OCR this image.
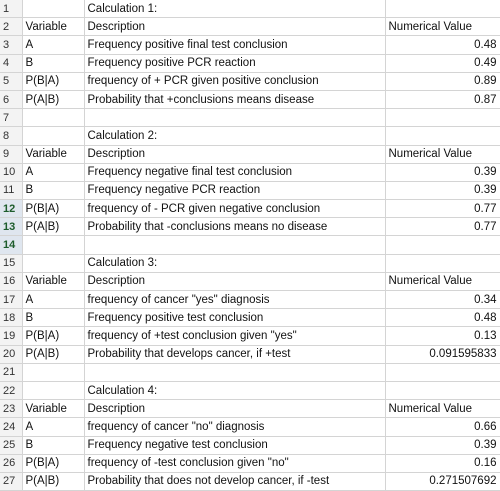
1		Calculation 1:	
2	Variable	Description	Numerical Value
3	A	Frequency positive final test conclusion	0.48
4	B	Frequency positive PCR reaction	0.49
5	P(B|A)	frequency of + PCR given positive conclusion	0.89
6	P(A|B)	Probability that +conclusions means disease	0.87
7			
8		Calculation 2:	
9	Variable	Description	Numerical Value
10	A	Frequency negative final test conclusion	0.39
11	B	Frequency negative PCR reaction	0.39
12	P(B|A)	frequency of - PCR given negative conclusion	0.77
13	P(A|B)	Probability that -conclusions means no disease	0.77
14			
15		Calculation 3:	
16	Variable	Description	Numerical Value
17	A	frequency of cancer "yes" diagnosis	0.34
18	B	Frequency positive test conclusion	0.48
19	P(B|A)	frequency of +test conclusion given "yes"	0.13
20	P(A|B)	Probability that develops cancer, if +test	0.091595833
21			
22		Calculation 4:	
23	Variable	Description	Numerical Value
24	A	frequency of cancer "no" diagnosis	0.66
25	B	Frequency negative test conclusion	0.39
26	P(B|A)	frequency of -test conclusion given "no"	0.16
27	P(A|B)	Probability that does not develop cancer, if -test	0.271507692
